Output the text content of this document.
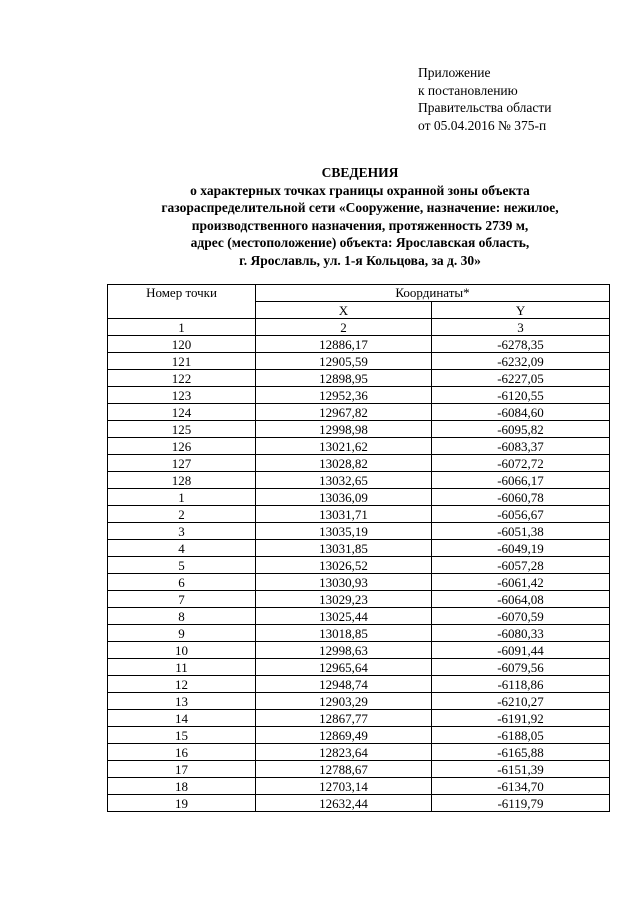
Приложение
к постановлению
Правительства области
от 05.04.2016 № 375-п
СВЕДЕНИЯ
о характерных точках границы охранной зоны объекта
газораспределительной сети «Сооружение, назначение: нежилое,
производственного назначения, протяженность 2739 м,
адрес (местоположение) объекта: Ярославская область,
г. Ярославль, ул. 1-я Кольцова, за д. 30»
Номер точки	Координаты*	
	X	Y
1	2	3
120	12886,17	-6278,35
121	12905,59	-6232,09
122	12898,95	-6227,05
123	12952,36	-6120,55
124	12967,82	-6084,60
125	12998,98	-6095,82
126	13021,62	-6083,37
127	13028,82	-6072,72
128	13032,65	-6066,17
1	13036,09	-6060,78
2	13031,71	-6056,67
3	13035,19	-6051,38
4	13031,85	-6049,19
5	13026,52	-6057,28
6	13030,93	-6061,42
7	13029,23	-6064,08
8	13025,44	-6070,59
9	13018,85	-6080,33
10	12998,63	-6091,44
11	12965,64	-6079,56
12	12948,74	-6118,86
13	12903,29	-6210,27
14	12867,77	-6191,92
15	12869,49	-6188,05
16	12823,64	-6165,88
17	12788,67	-6151,39
18	12703,14	-6134,70
19	12632,44	-6119,79
